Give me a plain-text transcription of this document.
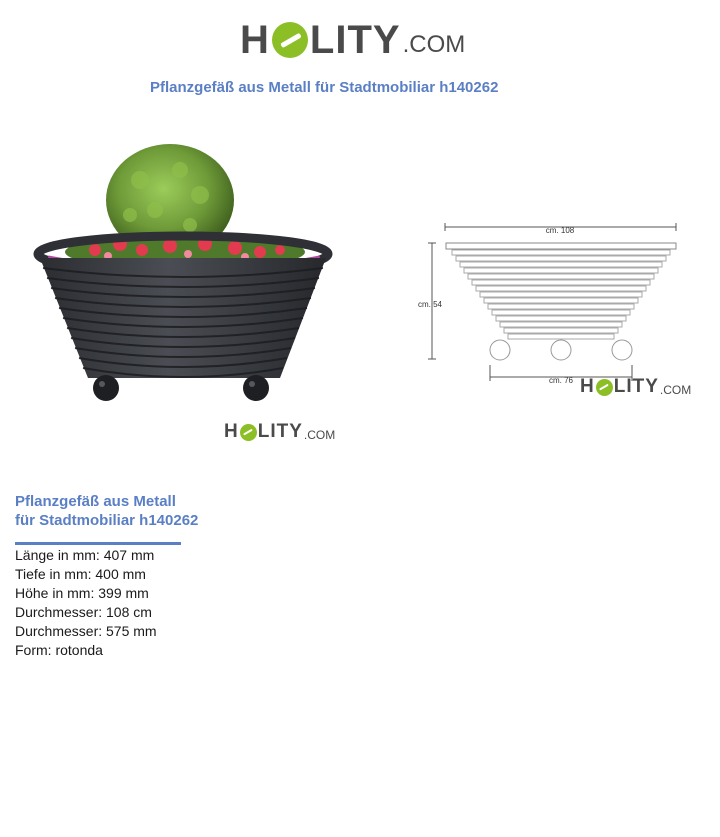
H LITY .COM
Pflanzgefäß aus Metall für Stadtmobiliar h140262
H LITY .COM
cm. 108
cm. 54
cm. 76 H LITY .COM
Pflanzgefäß aus Metall
für Stadtmobiliar h140262
Länge in mm: 407 mm
Tiefe in mm: 400 mm
Höhe in mm: 399 mm
Durchmesser: 108 cm
Durchmesser: 575 mm
Form: rotonda
